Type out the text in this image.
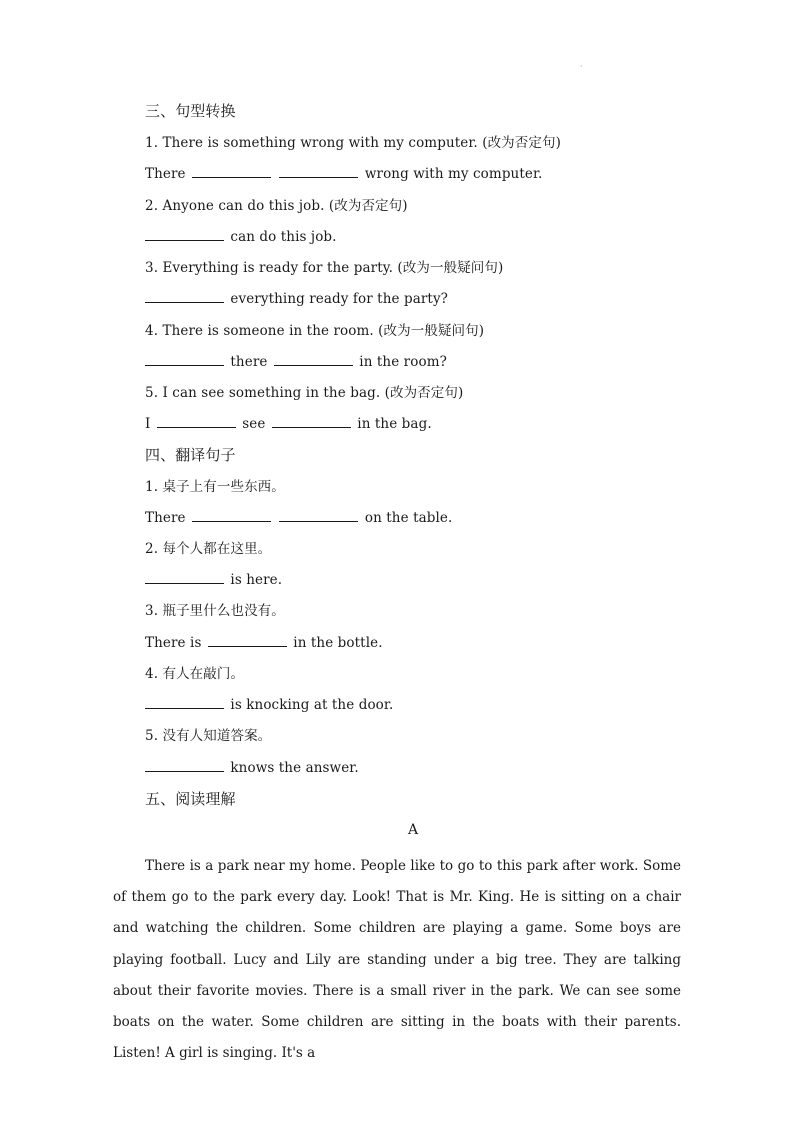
·
三、句型转换
1. There is something wrong with my computer. (改为否定句)
There	wrong with my computer.
2. Anyone can do this job. (改为否定句)
can do this job.
3. Everything is ready for the party. (改为一般疑问句)
everything ready for the party?
4. There is someone in the room. (改为一般疑问句)
there	in the room?
5. I can see something in the bag. (改为否定句)
I	see	in the bag.
四、翻译句子
1. 桌子上有一些东西。
There	on the table.
2. 每个人都在这里。
is here.
3. 瓶子里什么也没有。
There is	in the bottle.
4. 有人在敲门。
is knocking at the door.
5. 没有人知道答案。
knows the answer.
五、阅读理解
A
There is a park near my home. People like to go to this park after work. Some of them go to the park every day. Look! That is Mr. King. He is sitting on a chair and watching the children. Some children are playing a game. Some boys are playing football. Lucy and Lily are standing under a big tree. They are talking about their favorite movies. There is a small river in the park. We can see some boats on the water. Some children are sitting in the boats with their parents. Listen! A girl is singing. It's a
